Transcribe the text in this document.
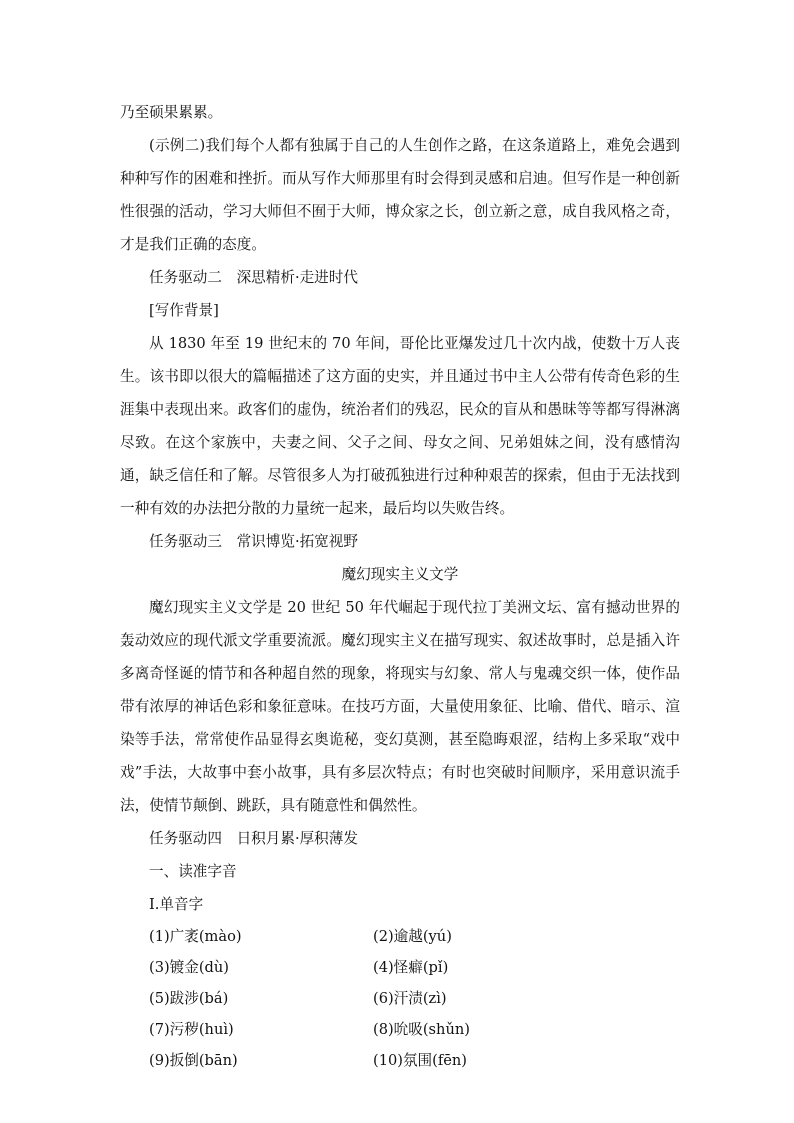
乃至硕果累累。

(示例二)我们每个人都有独属于自己的人生创作之路，在这条道路上，难免会遇到种种写作的困难和挫折。而从写作大师那里有时会得到灵感和启迪。但写作是一种创新性很强的活动，学习大师但不囿于大师，博众家之长，创立新之意，成自我风格之奇，才是我们正确的态度。

任务驱动二　深思精析·走进时代

[写作背景]

从 1830 年至 19 世纪末的 70 年间，哥伦比亚爆发过几十次内战，使数十万人丧生。该书即以很大的篇幅描述了这方面的史实，并且通过书中主人公带有传奇色彩的生涯集中表现出来。政客们的虚伪，统治者们的残忍，民众的盲从和愚昧等等都写得淋漓尽致。在这个家族中，夫妻之间、父子之间、母女之间、兄弟姐妹之间，没有感情沟通，缺乏信任和了解。尽管很多人为打破孤独进行过种种艰苦的探索，但由于无法找到一种有效的办法把分散的力量统一起来，最后均以失败告终。

任务驱动三　常识博览·拓宽视野

魔幻现实主义文学

魔幻现实主义文学是 20 世纪 50 年代崛起于现代拉丁美洲文坛、富有撼动世界的轰动效应的现代派文学重要流派。魔幻现实主义在描写现实、叙述故事时，总是插入许多离奇怪诞的情节和各种超自然的现象，将现实与幻象、常人与鬼魂交织一体，使作品带有浓厚的神话色彩和象征意味。在技巧方面，大量使用象征、比喻、借代、暗示、渲染等手法，常常使作品显得玄奥诡秘，变幻莫测，甚至隐晦艰涩，结构上多采取“戏中戏”手法，大故事中套小故事，具有多层次特点；有时也突破时间顺序，采用意识流手法，使情节颠倒、跳跃，具有随意性和偶然性。

任务驱动四　日积月累·厚积薄发

一、读准字音

Ⅰ.单音字

(1)广袤(mào)	(2)逾越(yú)
(3)镀金(dù)	(4)怪癖(pǐ)
(5)跋涉(bá)	(6)汗渍(zì)
(7)污秽(huì)	(8)吮吸(shǔn)
(9)扳倒(bān)	(10)氛围(fēn)
